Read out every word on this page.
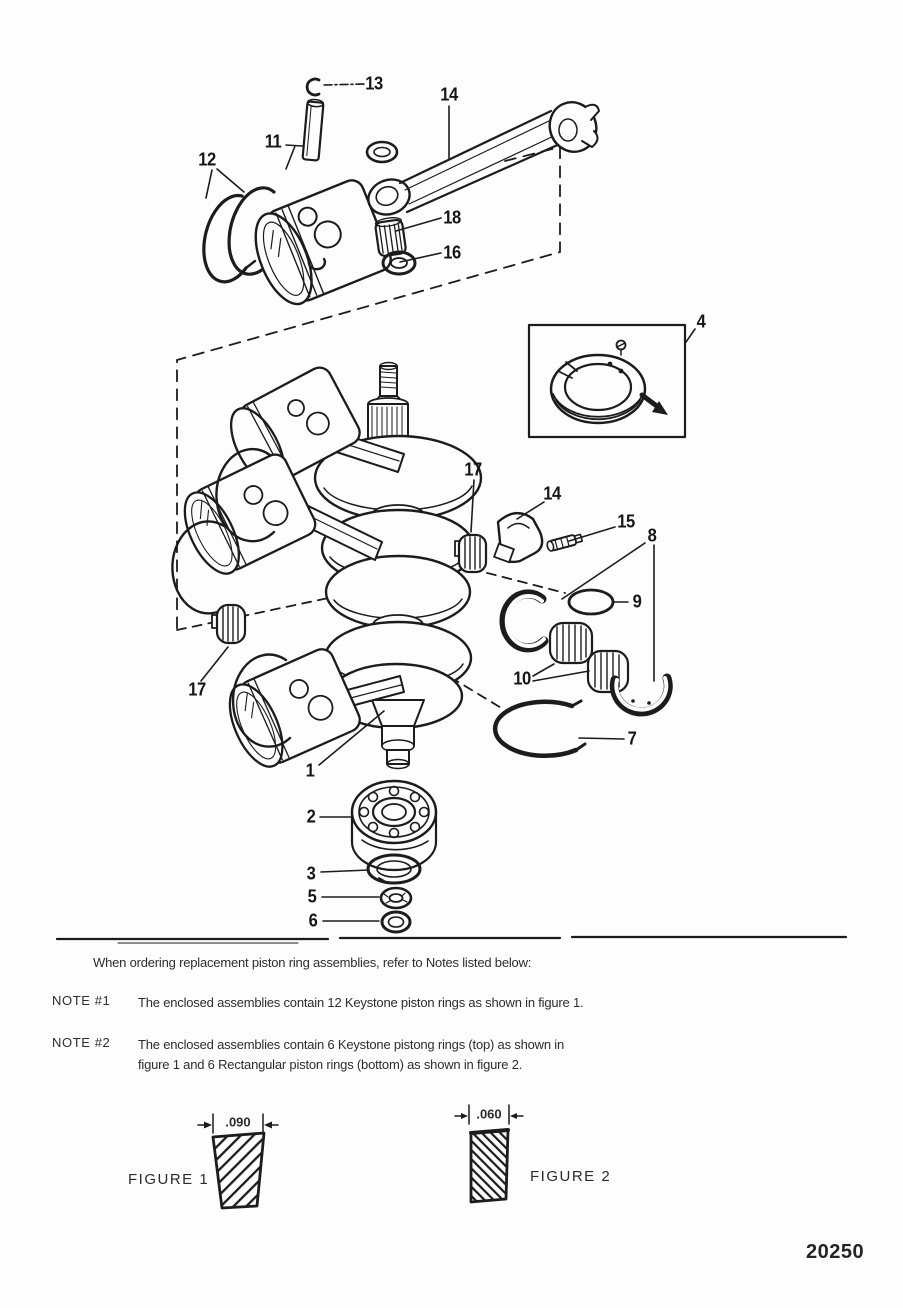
13
14
11
12
18
16
4
17
14
15
8
9
10
17
7
1
2
3
5
6
When ordering replacement piston ring assemblies, refer to Notes listed below:
NOTE #1	The enclosed assemblies contain 12 Keystone piston rings as shown in figure 1.
NOTE #2	The enclosed assemblies contain 6 Keystone pistong rings (top) as shown in
figure 1 and 6 Rectangular piston rings (bottom) as shown in figure 2.
.090
FIGURE 1
.060
FIGURE 2
20250
